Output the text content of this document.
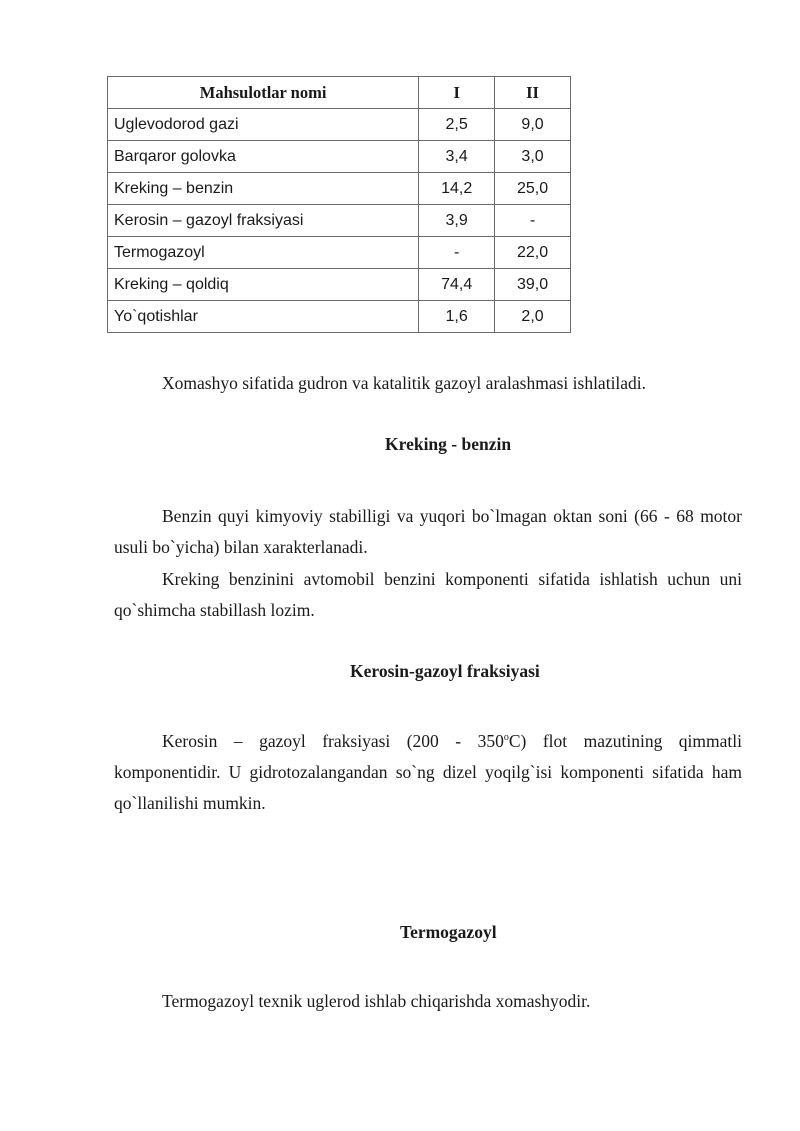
Mahsulotlar nomi	I	II
Uglevodorod gazi	2,5	9,0
Barqaror golovka	3,4	3,0
Kreking – benzin	14,2	25,0
Kerosin – gazoyl fraksiyasi	3,9	-
Termogazoyl	-	22,0
Kreking – qoldiq	74,4	39,0
Yo`qotishlar	1,6	2,0

Xomashyo sifatida gudron va katalitik gazoyl aralashmasi ishlatiladi.

Kreking - benzin

Benzin quyi kimyoviy stabilligi va yuqori bo`lmagan oktan soni (66 - 68 motor usuli bo`yicha) bilan xarakterlanadi.

Kreking benzinini avtomobil benzini komponenti sifatida ishlatish uchun uni qo`shimcha stabillash lozim.

Kerosin-gazoyl fraksiyasi

Kerosin – gazoyl fraksiyasi (200 - 350$^o$C) flot mazutining qimmatli komponentidir. U gidrotozalangandan so`ng dizel yoqilg`isi komponenti sifatida ham qo`llanilishi mumkin.

Termogazoyl

Termogazoyl texnik uglerod ishlab chiqarishda xomashyodir.
